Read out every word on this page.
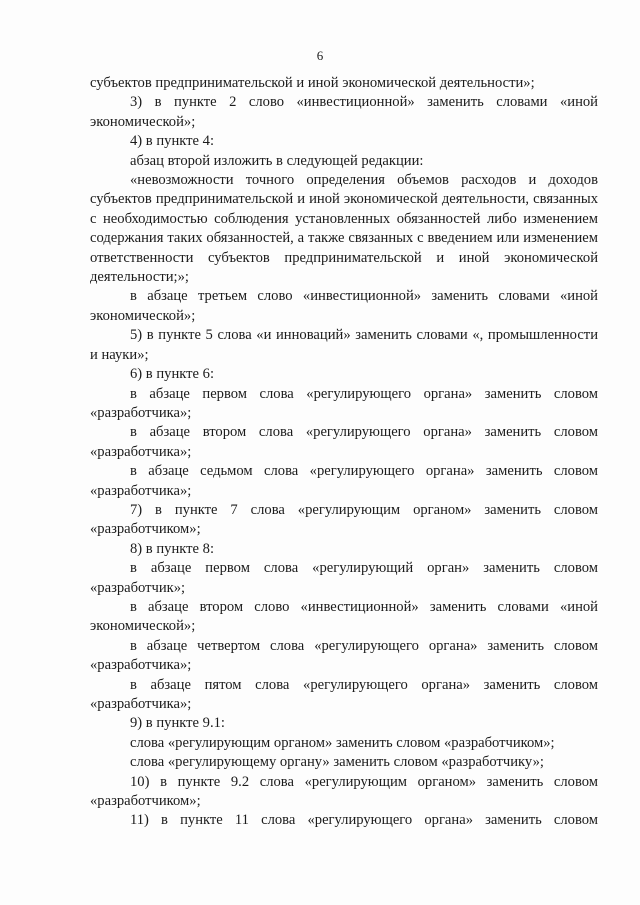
6

субъектов предпринимательской и иной экономической деятельности»;

3) в пункте 2 слово «инвестиционной» заменить словами «иной экономической»;

4) в пункте 4:

абзац второй изложить в следующей редакции:

«невозможности точного определения объемов расходов и доходов субъектов предпринимательской и иной экономической деятельности, связанных с необходимостью соблюдения установленных обязанностей либо изменением содержания таких обязанностей, а также связанных с введением или изменением ответственности субъектов предпринимательской и иной экономической деятельности;»;

в абзаце третьем слово «инвестиционной» заменить словами «иной экономической»;

5) в пункте 5 слова «и инноваций» заменить словами «, промышленности и науки»;

6) в пункте 6:

в абзаце первом слова «регулирующего органа» заменить словом «разработчика»;

в абзаце втором слова «регулирующего органа» заменить словом «разработчика»;

в абзаце седьмом слова «регулирующего органа» заменить словом «разработчика»;

7) в пункте 7 слова «регулирующим органом» заменить словом «разработчиком»;

8) в пункте 8:

в абзаце первом слова «регулирующий орган» заменить словом «разработчик»;

в абзаце втором слово «инвестиционной» заменить словами «иной экономической»;

в абзаце четвертом слова «регулирующего органа» заменить словом «разработчика»;

в абзаце пятом слова «регулирующего органа» заменить словом «разработчика»;

9) в пункте 9.1:

слова «регулирующим органом» заменить словом «разработчиком»;

слова «регулирующему органу» заменить словом «разработчику»;

10) в пункте 9.2 слова «регулирующим органом» заменить словом «разработчиком»;

11) в пункте 11 слова «регулирующего органа» заменить словом
